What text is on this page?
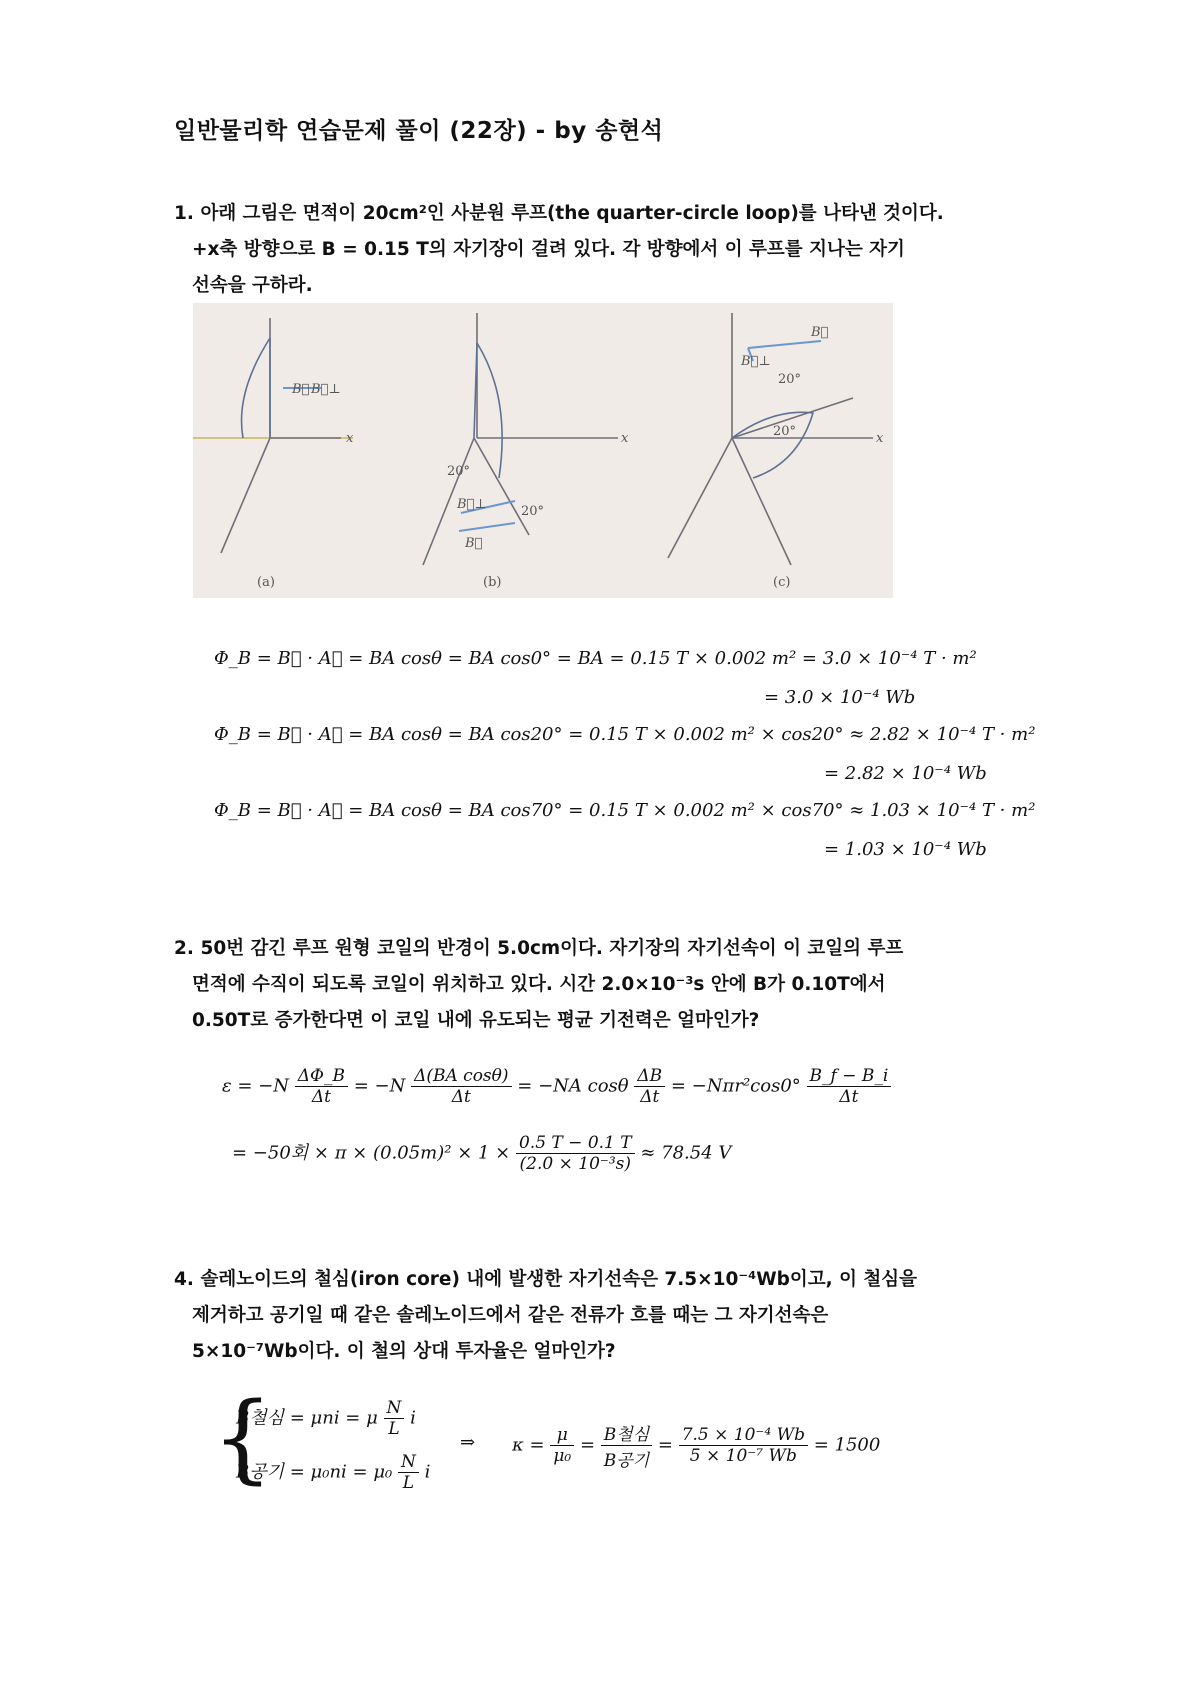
일반물리학 연습문제 풀이 (22장) - by 송현석
1. 아래 그림은 면적이 20cm²인 사분원 루프(the quarter-circle loop)를 나타낸 것이다.
+x축 방향으로 B = 0.15 T의 자기장이 걸려 있다. 각 방향에서 이 루프를 지나는 자기
선속을 구하라.
x
B⃗ B⃗⊥
(a)
x
20°
B⃗⊥	20°
B⃗
(b)
x
B⃗
B⃗⊥
20°
20°
(c)
Φ_B = B⃗ · A⃗ = BA cosθ = BA cos0° = BA = 0.15 T × 0.002 m² = 3.0 × 10⁻⁴ T · m²
= 3.0 × 10⁻⁴ Wb
Φ_B = B⃗ · A⃗ = BA cosθ = BA cos20° = 0.15 T × 0.002 m² × cos20° ≈ 2.82 × 10⁻⁴ T · m²
= 2.82 × 10⁻⁴ Wb
Φ_B = B⃗ · A⃗ = BA cosθ = BA cos70° = 0.15 T × 0.002 m² × cos70° ≈ 1.03 × 10⁻⁴ T · m²
= 1.03 × 10⁻⁴ Wb
2. 50번 감긴 루프 원형 코일의 반경이 5.0cm이다. 자기장의 자기선속이 이 코일의 루프
면적에 수직이 되도록 코일이 위치하고 있다. 시간 2.0×10⁻³s 안에 B가 0.10T에서
0.50T로 증가한다면 이 코일 내에 유도되는 평균 기전력은 얼마인가?
$\varepsilon = -N \frac{\Delta\Phi\_B}{\Delta t} = -N \frac{\text{Δ(BA cosθ)}}{\Delta t} = -NA$ cosθ $\frac{\Delta B}{\Delta t} = -N\pi r^2\cos 0^\circ \frac{B\_f - B\_i}{\Delta t}$
= −50회 × $\pi \times (0.05m)^2 \times 1 \times \frac{0.5 T - 0.1 T}{\text{(2.0 × 10⁻³s)}} \approx 78.54$ V
4. 솔레노이드의 철심(iron core) 내에 발생한 자기선속은 7.5×10⁻⁴Wb이고, 이 철심을
제거하고 공기일 때 같은 솔레노이드에서 같은 전류가 흐를 때는 그 자기선속은
5×10⁻⁷Wb이다. 이 철의 상대 투자율은 얼마인가?
{
B철심 = μni = μ $\frac{N}{L}$ i
B공기 = $\mu_0ni = \mu_0 \frac{N}{L}$ i
⇒ $\kappa = \frac{\mu}{\text{μ₀}} = \frac{\text{B철심}}{\text{B공기}} = \frac{\text{7.5 × 10⁻⁴ Wb}}{\text{5 × 10⁻⁷ Wb}} = 1500$
